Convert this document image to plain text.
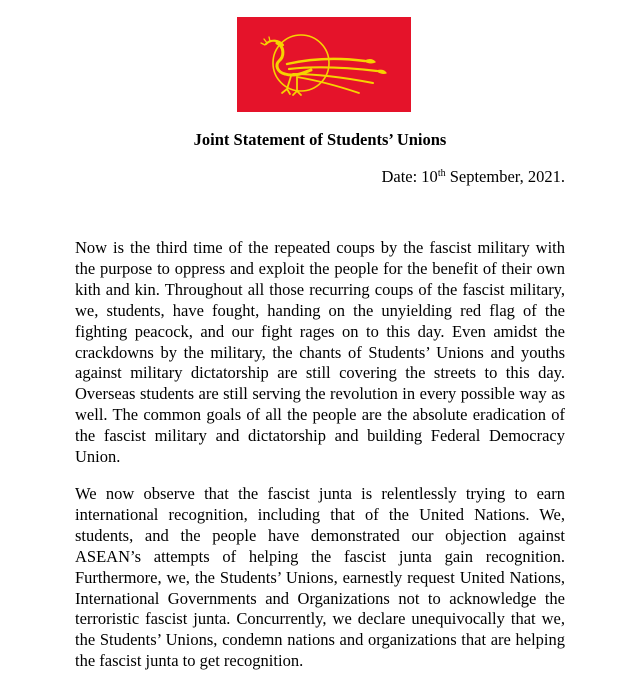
Joint Statement of Students’ Unions
Date: 10th September, 2021.

Now is the third time of the repeated coups by the fascist military with the purpose to oppress and exploit the people for the benefit of their own kith and kin. Throughout all those recurring coups of the fascist military, we, students, have fought, handing on the unyielding red flag of the fighting peacock, and our fight rages on to this day. Even amidst the crackdowns by the military, the chants of Students’ Unions and youths against military dictatorship are still covering the streets to this day. Overseas students are still serving the revolution in every possible way as well. The common goals of all the people are the absolute eradication of the fascist military and dictatorship and building Federal Democracy Union.

We now observe that the fascist junta is relentlessly trying to earn international recognition, including that of the United Nations. We, students, and the people have demonstrated our objection against ASEAN’s attempts of helping the fascist junta gain recognition. Furthermore, we, the Students’ Unions, earnestly request United Nations, International Governments and Organizations not to acknowledge the terroristic fascist junta. Concurrently, we declare unequivocally that we, the Students’ Unions, condemn nations and organizations that are helping the fascist junta to get recognition.
